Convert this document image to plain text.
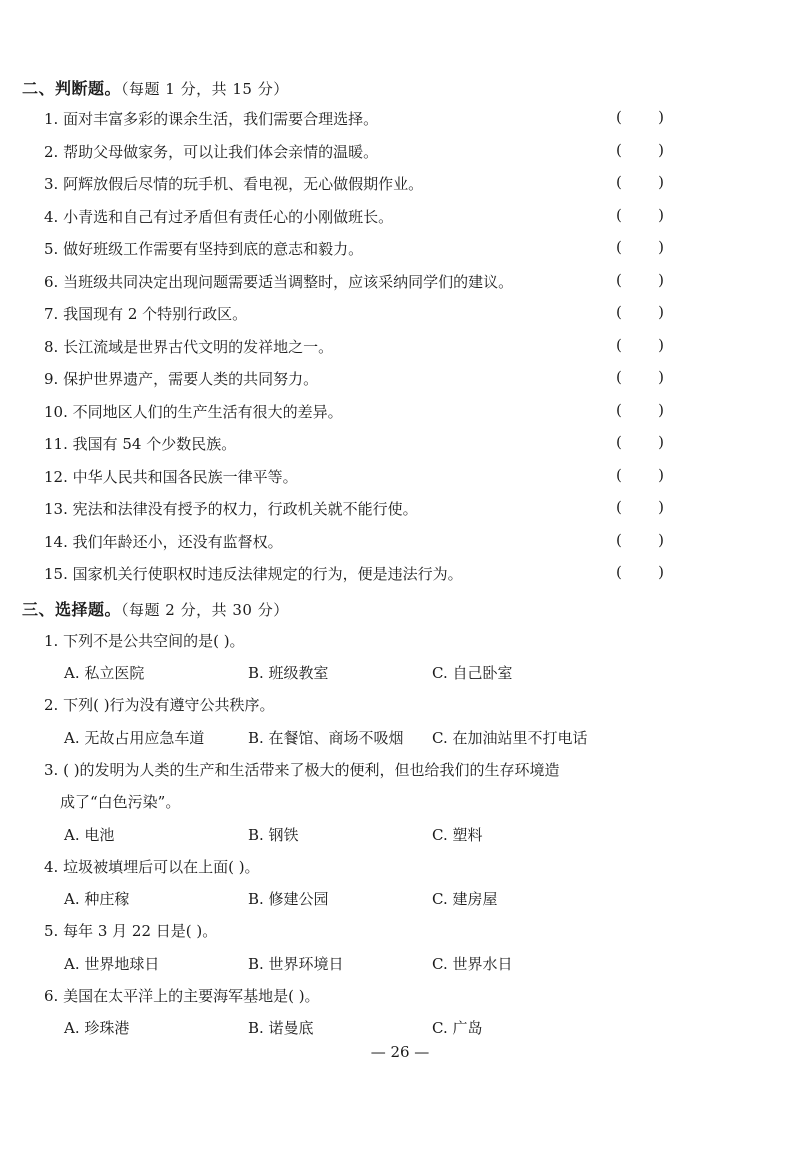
二、判断题。（每题 1 分，共 15 分）
1. 面对丰富多彩的课余生活，我们需要合理选择。	( )
2. 帮助父母做家务，可以让我们体会亲情的温暖。	( )
3. 阿辉放假后尽情的玩手机、看电视，无心做假期作业。	( )
4. 小青选和自己有过矛盾但有责任心的小刚做班长。	( )
5. 做好班级工作需要有坚持到底的意志和毅力。	( )
6. 当班级共同决定出现问题需要适当调整时，应该采纳同学们的建议。	( )
7. 我国现有 2 个特别行政区。	( )
8. 长江流域是世界古代文明的发祥地之一。	( )
9. 保护世界遗产，需要人类的共同努力。	( )
10. 不同地区人们的生产生活有很大的差异。	( )
11. 我国有 54 个少数民族。	( )
12. 中华人民共和国各民族一律平等。	( )
13. 宪法和法律没有授予的权力，行政机关就不能行使。	( )
14. 我们年龄还小，还没有监督权。	( )
15. 国家机关行使职权时违反法律规定的行为，便是违法行为。	( )
三、选择题。（每题 2 分，共 30 分）
1. 下列不是公共空间的是( )。
A. 私立医院	B. 班级教室	C. 自己卧室
2. 下列( )行为没有遵守公共秩序。
A. 无故占用应急车道	B. 在餐馆、商场不吸烟 C. 在加油站里不打电话
3. ( )的发明为人类的生产和生活带来了极大的便利，但也给我们的生存环境造
成了“白色污染”。
A. 电池	B. 钢铁	C. 塑料
4. 垃圾被填埋后可以在上面( )。
A. 种庄稼	B. 修建公园	C. 建房屋
5. 每年 3 月 22 日是( )。
A. 世界地球日	B. 世界环境日	C. 世界水日
6. 美国在太平洋上的主要海军基地是( )。
A. 珍珠港	B. 诺曼底	C. 广岛
— 26 —
